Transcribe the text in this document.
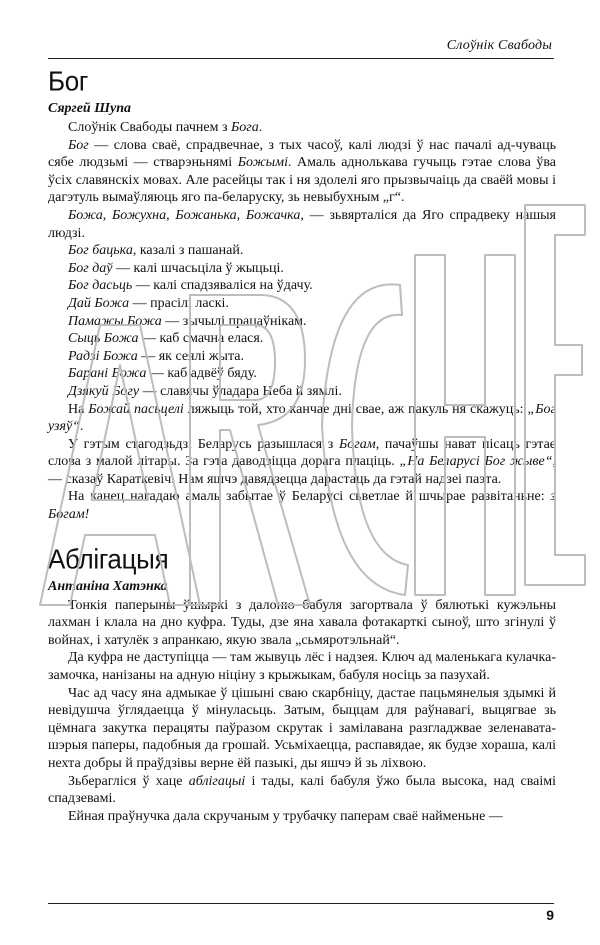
Слоўнік Свабоды
Бог
Сяргей Шупа

Слоўнік Свабоды пачнем з Бога.

Бог — слова сваё, спрадвечнае, з тых часоў, калі людзі ў нас пачалі ад-чуваць сябе людзьмі — стварэньнямі Божымі. Амаль аднолькава гучыць гэтае слова ўва ўсіх славянскіх мовах. Але расейцы так і ня здолелі яго прызвычаіць да сваёй мовы і дагэтуль вымаўляюць яго па-беларуску, зь невыбухным „г“.

Божа, Божухна, Божанька, Божачка, — зьвярталіся да Яго спрадвеку нашыя людзі.

Бог бацька, казалі з пашанай.

Бог даў — калі шчасьціла ў жыцьці.

Бог дасьць — калі спадзяваліся на ўдачу.

Дай Божа — прасілі ласкі.

Памажы Божа — зычылі працаўнікам.

Сыць Божа — каб смачна елася.

Радзі Божа — як сеялі жыта.

Барані Божа — каб адвёў бяду.

Дзякуй Богу — славячы ўладара Неба й зямлі.

На Божай пасьцелі ляжыць той, хто канчае дні свае, аж пакуль ня скажуць: „Бог узяў“.

У гэтым стагодзьдзі Беларусь разышлася з Богам, пачаўшы нават пісаць гэтае слова з малой літары. За гэта даводзіцца дорага плаціць. „На Беларусі Бог жыве“, — сказаў Караткевіч. Нам яшчэ давядзецца дарастаць да гэтай надзеі паэта.

На канец нагадаю амаль забытае ў Беларусі сьветлае й шчырае развітаньне: з Богам!

Аблігацыя
Антаніна Хатэнка

Тонкія паперыны ўшыркі з далоню бабуля загортвала ў бялютькі кужэльны лахман і клала на дно куфра. Туды, дзе яна хавала фотакарткі сыноў, што згінулі ў войнах, і хатулёк з апранкаю, якую звала „сьмяротэльнай“.

Да куфра не даступіцца — там жывуць лёс і надзея. Ключ ад маленькага кулачка-замочка, нанізаны на адную ніціну з крыжыкам, бабуля носіць за пазухай.

Час ад часу яна адмыкае ў цішыні сваю скарбніцу, дастае пацьмянелыя здымкі й невідушча ўглядаецца ў мінуласьць. Затым, быццам для раўнавагі, выцягвае зь цёмнага закутка перацяты паўразом скрутак і замілавана разгладжвае зеленавата-шэрыя паперы, падобныя да грошай. Усьміхаецца, распавядае, як будзе хораша, калі нехта добры й праўдзівы верне ёй пазыкі, ды яшчэ й зь ліхвою.

Зьберагліся ў хаце аблігацыі і тады, калі бабуля ўжо была высока, над сваімі спадзевамі.

Ейная праўнучка дала скручаным у трубачку паперам сваё найменьне —

9
